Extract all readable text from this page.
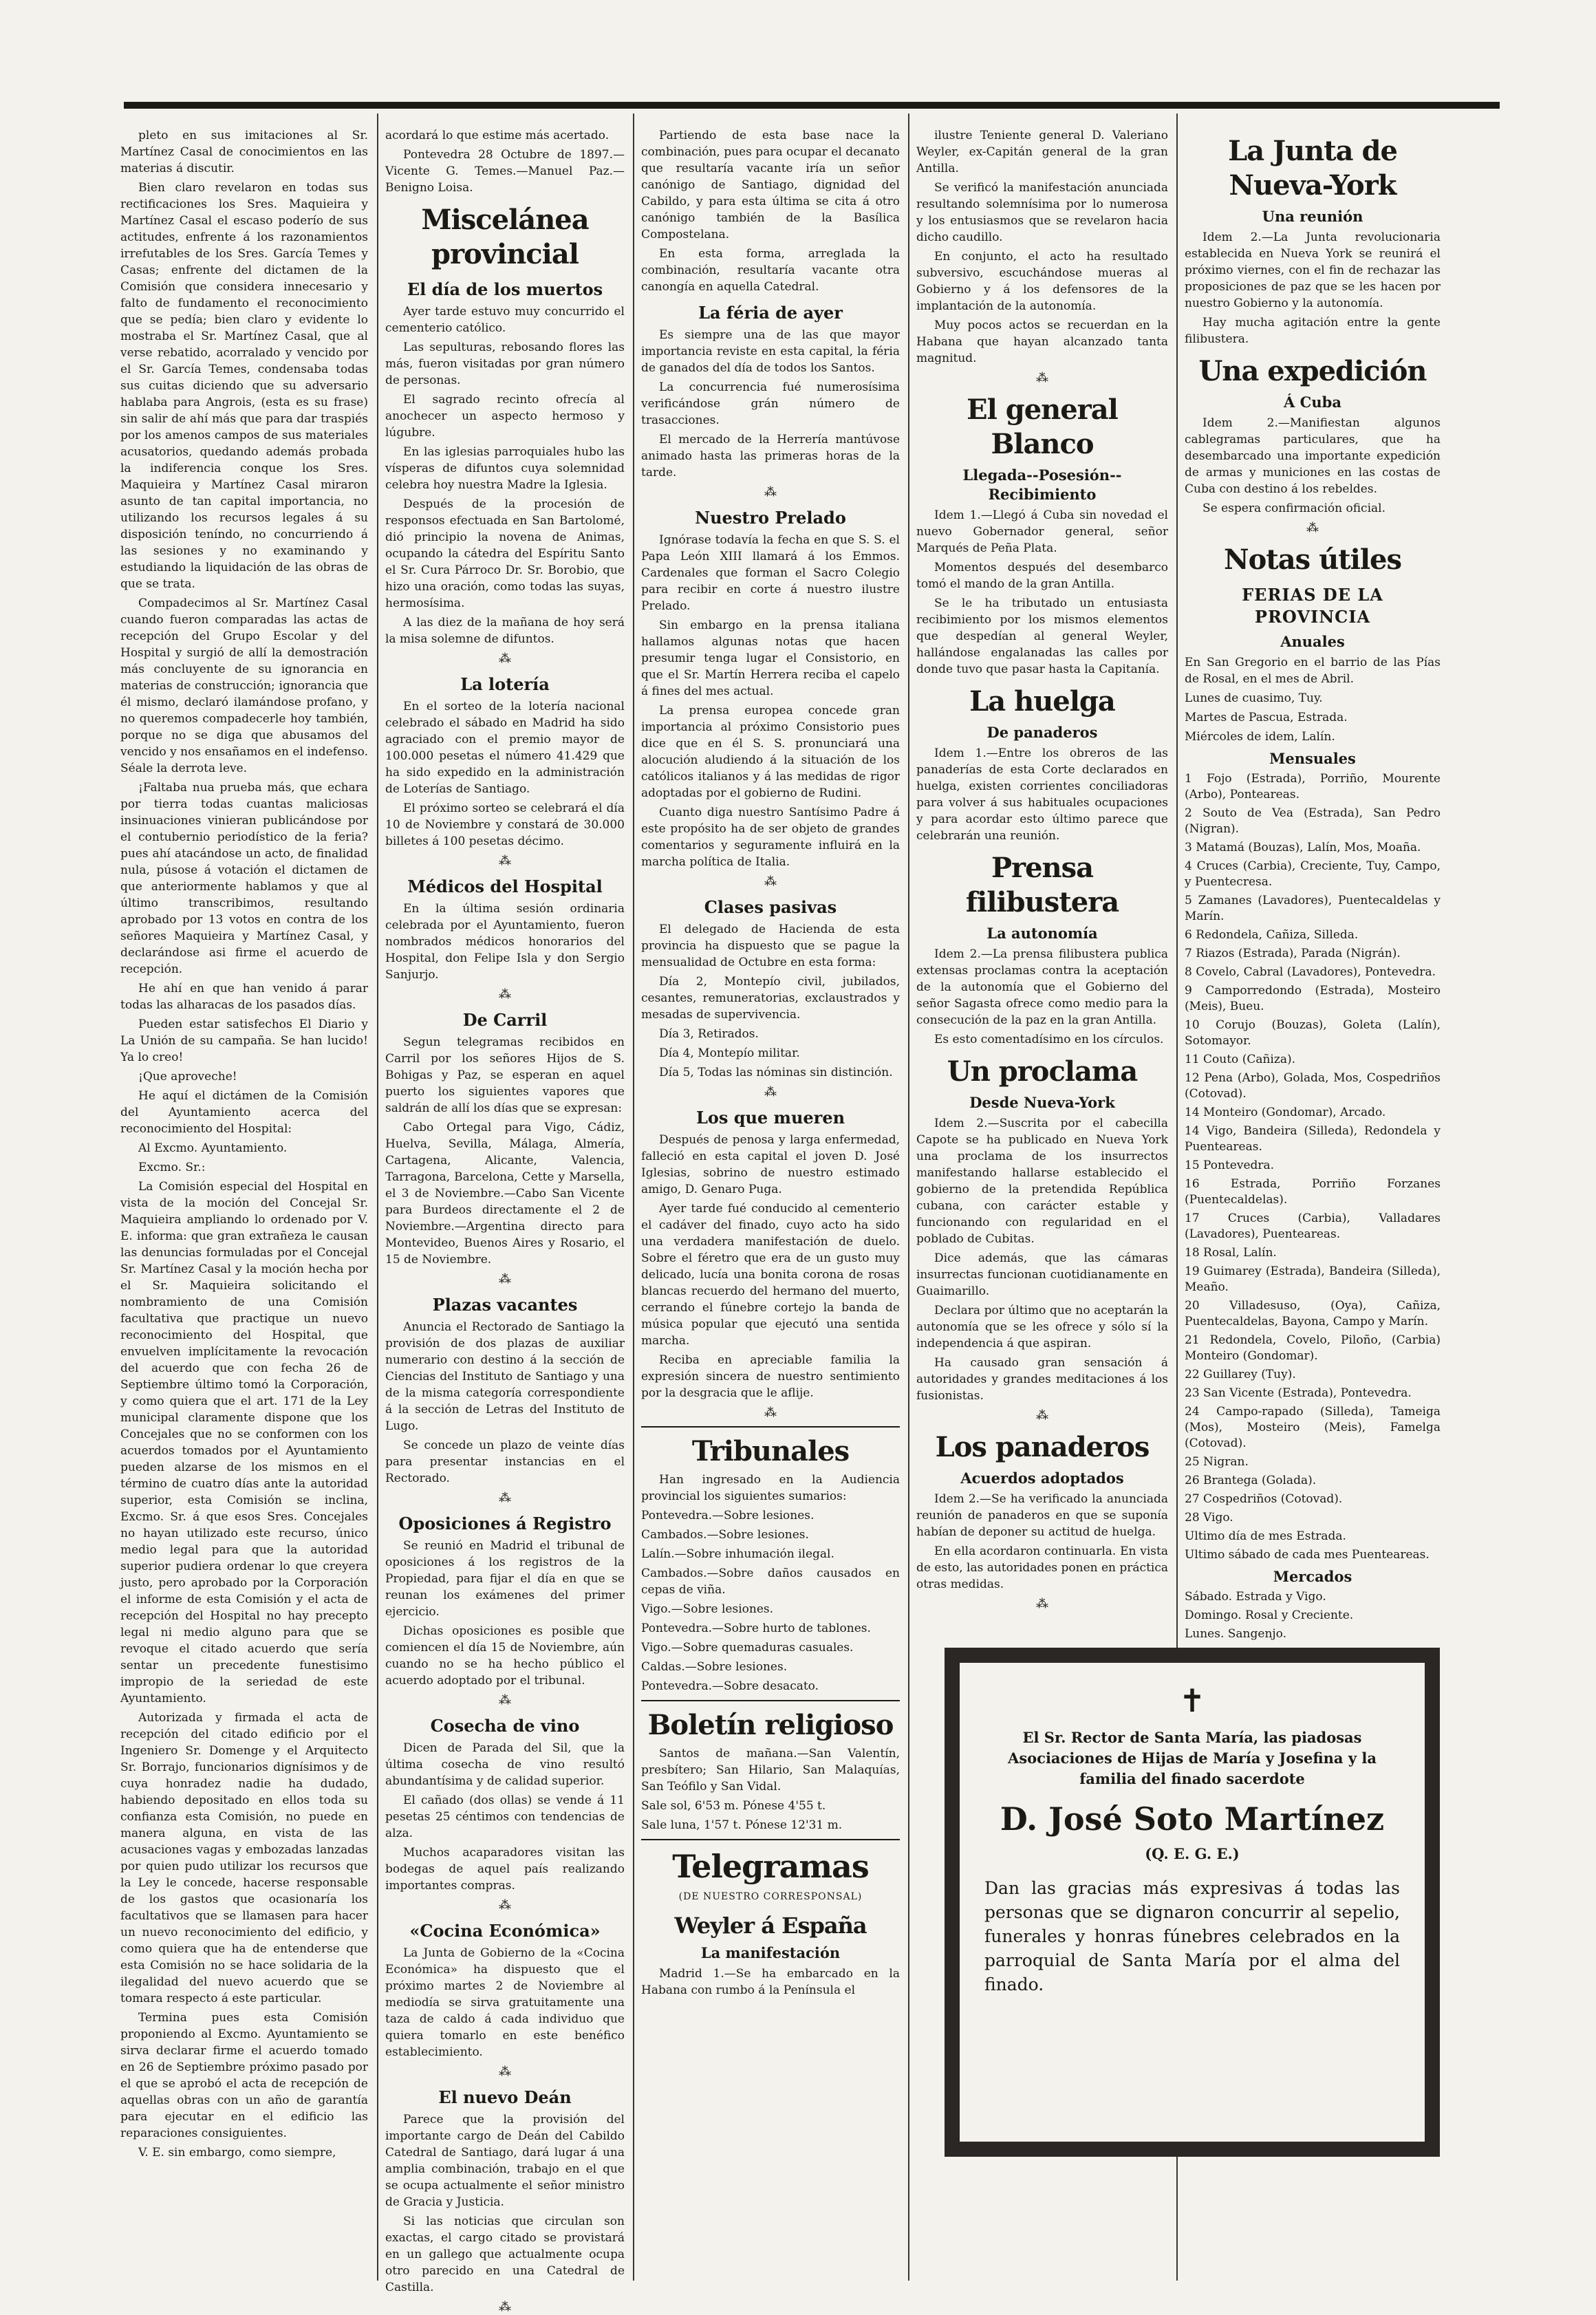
pleto en sus imitaciones al Sr. Martínez Casal de conocimientos en las materias á discutir.

Bien claro revelaron en todas sus rectificaciones los Sres. Maquieira y Martínez Casal el escaso poderío de sus actitudes, enfrente á los razonamientos irrefutables de los Sres. García Temes y Casas; enfrente del dictamen de la Comisión que considera innecesario y falto de fundamento el reconocimiento que se pedía; bien claro y evidente lo mostraba el Sr. Martínez Casal, que al verse rebatido, acorralado y vencido por el Sr. García Temes, condensaba todas sus cuitas diciendo que su adversario hablaba para Angrois, (esta es su frase) sin salir de ahí más que para dar traspiés por los amenos campos de sus materiales acusatorios, quedando además probada la indiferencia conque los Sres. Maquieira y Martínez Casal miraron asunto de tan capital importancia, no utilizando los recursos legales á su disposición teníndo, no concurriendo á las sesiones y no examinando y estudiando la liquidación de las obras de que se trata.

Compadecimos al Sr. Martínez Casal cuando fueron comparadas las actas de recepción del Grupo Escolar y del Hospital y surgió de allí la demostración más concluyente de su ignorancia en materias de construcción; ignorancia que él mismo, declaró ilamándose profano, y no queremos compadecerle hoy también, porque no se diga que abusamos del vencido y nos ensañamos en el indefenso. Séale la derrota leve.

¡Faltaba nua prueba más, que echara por tierra todas cuantas maliciosas insinuaciones vinieran publicándose por el contubernio periodístico de la feria? pues ahí atacándose un acto, de finalidad nula, púsose á votación el dictamen de que anteriormente hablamos y que al último transcribimos, resultando aprobado por 13 votos en contra de los señores Maquieira y Martínez Casal, y declarándose asi firme el acuerdo de recepción.

He ahí en que han venido á parar todas las alharacas de los pasados días.

Pueden estar satisfechos El Diario y La Unión de su campaña. Se han lucido! Ya lo creo!

¡Que aproveche!

He aquí el dictámen de la Comisión del Ayuntamiento acerca del reconocimiento del Hospital:

Al Excmo. Ayuntamiento.

Excmo. Sr.:

La Comisión especial del Hospital en vista de la moción del Concejal Sr. Maquieira ampliando lo ordenado por V. E. informa: que gran extrañeza le causan las denuncias formuladas por el Concejal Sr. Martínez Casal y la moción hecha por el Sr. Maquieira solicitando el nombramiento de una Comisión facultativa que practique un nuevo reconocimiento del Hospital, que envuelven implícitamente la revocación del acuerdo que con fecha 26 de Septiembre último tomó la Corporación, y como quiera que el art. 171 de la Ley municipal claramente dispone que los Concejales que no se conformen con los acuerdos tomados por el Ayuntamiento pueden alzarse de los mismos en el término de cuatro días ante la autoridad superior, esta Comisión se inclina, Excmo. Sr. á que esos Sres. Concejales no hayan utilizado este recurso, único medio legal para que la autoridad superior pudiera ordenar lo que creyera justo, pero aprobado por la Corporación el informe de esta Comisión y el acta de recepción del Hospital no hay precepto legal ni medio alguno para que se revoque el citado acuerdo que sería sentar un precedente funestisimo impropio de la seriedad de este Ayuntamiento.

Autorizada y firmada el acta de recepción del citado edificio por el Ingeniero Sr. Domenge y el Arquitecto Sr. Borrajo, funcionarios dignísimos y de cuya honradez nadie ha dudado, habiendo depositado en ellos toda su confianza esta Comisión, no puede en manera alguna, en vista de las acusaciones vagas y embozadas lanzadas por quien pudo utilizar los recursos que la Ley le concede, hacerse responsable de los gastos que ocasionaría los facultativos que se llamasen para hacer un nuevo reconocimiento del edificio, y como quiera que ha de entenderse que esta Comisión no se hace solidaria de la ilegalidad del nuevo acuerdo que se tomara respecto á este particular.

Termina pues esta Comisión proponiendo al Excmo. Ayuntamiento se sirva declarar firme el acuerdo tomado en 26 de Septiembre próximo pasado por el que se aprobó el acta de recepción de aquellas obras con un año de garantía para ejecutar en el edificio las reparaciones consiguientes.

V. E. sin embargo, como siempre,

acordará lo que estime más acertado.

Pontevedra 28 Octubre de 1897.—Vicente G. Temes.—Manuel Paz.—Benigno Loisa.

Miscelánea provincial
El día de los muertos

Ayer tarde estuvo muy concurrido el cementerio católico.

Las sepulturas, rebosando flores las más, fueron visitadas por gran número de personas.

El sagrado recinto ofrecía al anochecer un aspecto hermoso y lúgubre.

En las iglesias parroquiales hubo las vísperas de difuntos cuya solemnidad celebra hoy nuestra Madre la Iglesia.

Después de la procesión de responsos efectuada en San Bartolomé, dió principio la novena de Animas, ocupando la cátedra del Espíritu Santo el Sr. Cura Párroco Dr. Sr. Borobio, que hizo una oración, como todas las suyas, hermosísima.

A las diez de la mañana de hoy será la misa solemne de difuntos.

⁂
La lotería

En el sorteo de la lotería nacional celebrado el sábado en Madrid ha sido agraciado con el premio mayor de 100.000 pesetas el número 41.429 que ha sido expedido en la administración de Loterías de Santiago.

El próximo sorteo se celebrará el día 10 de Noviembre y constará de 30.000 billetes á 100 pesetas décimo.

⁂
Médicos del Hospital

En la última sesión ordinaria celebrada por el Ayuntamiento, fueron nombrados médicos honorarios del Hospital, don Felipe Isla y don Sergio Sanjurjo.

⁂
De Carril

Segun telegramas recibidos en Carril por los señores Hijos de S. Bohigas y Paz, se esperan en aquel puerto los siguientes vapores que saldrán de allí los días que se expresan:

Cabo Ortegal para Vigo, Cádiz, Huelva, Sevilla, Málaga, Almería, Cartagena, Alicante, Valencia, Tarragona, Barcelona, Cette y Marsella, el 3 de Noviembre.—Cabo San Vicente para Burdeos directamente el 2 de Noviembre.—Argentina directo para Montevideo, Buenos Aires y Rosario, el 15 de Noviembre.

⁂
Plazas vacantes

Anuncia el Rectorado de Santiago la provisión de dos plazas de auxiliar numerario con destino á la sección de Ciencias del Instituto de Santiago y una de la misma categoría correspondiente á la sección de Letras del Instituto de Lugo.

Se concede un plazo de veinte días para presentar instancias en el Rectorado.

⁂
Oposiciones á Registro

Se reunió en Madrid el tribunal de oposiciones á los registros de la Propiedad, para fijar el día en que se reunan los exámenes del primer ejercicio.

Dichas oposiciones es posible que comiencen el día 15 de Noviembre, aún cuando no se ha hecho público el acuerdo adoptado por el tribunal.

⁂
Cosecha de vino

Dicen de Parada del Sil, que la última cosecha de vino resultó abundantísima y de calidad superior.

El cañado (dos ollas) se vende á 11 pesetas 25 céntimos con tendencias de alza.

Muchos acaparadores visitan las bodegas de aquel país realizando importantes compras.

⁂
«Cocina Económica»

La Junta de Gobierno de la «Cocina Económica» ha dispuesto que el próximo martes 2 de Noviembre al mediodía se sirva gratuitamente una taza de caldo á cada individuo que quiera tomarlo en este benéfico establecimiento.

⁂
El nuevo Deán

Parece que la provisión del importante cargo de Deán del Cabildo Catedral de Santiago, dará lugar á una amplia combinación, trabajo en el que se ocupa actualmente el señor ministro de Gracia y Justicia.

Si las noticias que circulan son exactas, el cargo citado se provistará en un gallego que actualmente ocupa otro parecido en una Catedral de Castilla.

⁂

Partiendo de esta base nace la combinación, pues para ocupar el decanato que resultaría vacante iría un señor canónigo de Santiago, dignidad del Cabildo, y para esta última se cita á otro canónigo también de la Basílica Compostelana.

En esta forma, arreglada la combinación, resultaría vacante otra canongía en aquella Catedral.

La féria de ayer

Es siempre una de las que mayor importancia reviste en esta capital, la féria de ganados del día de todos los Santos.

La concurrencia fué numerosísima verificándose grán número de trasacciones.

El mercado de la Herrería mantúvose animado hasta las primeras horas de la tarde.

⁂
Nuestro Prelado

Ignórase todavía la fecha en que S. S. el Papa León XIII llamará á los Emmos. Cardenales que forman el Sacro Colegio para recibir en corte á nuestro ilustre Prelado.

Sin embargo en la prensa italiana hallamos algunas notas que hacen presumir tenga lugar el Consistorio, en que el Sr. Martín Herrera reciba el capelo á fines del mes actual.

La prensa europea concede gran importancia al próximo Consistorio pues dice que en él S. S. pronunciará una alocución aludiendo á la situación de los católicos italianos y á las medidas de rigor adoptadas por el gobierno de Rudini.

Cuanto diga nuestro Santísimo Padre á este propósito ha de ser objeto de grandes comentarios y seguramente influirá en la marcha política de Italia.

⁂
Clases pasivas

El delegado de Hacienda de esta provincia ha dispuesto que se pague la mensualidad de Octubre en esta forma:

Día 2, Montepío civil, jubilados, cesantes, remuneratorias, exclaustrados y mesadas de supervivencia.

Día 3, Retirados.

Día 4, Montepío militar.

Día 5, Todas las nóminas sin distinción.

⁂
Los que mueren

Después de penosa y larga enfermedad, falleció en esta capital el joven D. José Iglesias, sobrino de nuestro estimado amigo, D. Genaro Puga.

Ayer tarde fué conducido al cementerio el cadáver del finado, cuyo acto ha sido una verdadera manifestación de duelo. Sobre el féretro que era de un gusto muy delicado, lucía una bonita corona de rosas blancas recuerdo del hermano del muerto, cerrando el fúnebre cortejo la banda de música popular que ejecutó una sentida marcha.

Reciba en apreciable familia la expresión sincera de nuestro sentimiento por la desgracia que le aflije.

⁂
Tribunales

Han ingresado en la Audiencia provincial los siguientes sumarios:

Pontevedra.—Sobre lesiones.

Cambados.—Sobre lesiones.

Lalín.—Sobre inhumación ilegal.

Cambados.—Sobre daños causados en cepas de viña.

Vigo.—Sobre lesiones.

Pontevedra.—Sobre hurto de tablones.

Vigo.—Sobre quemaduras casuales.

Caldas.—Sobre lesiones.

Pontevedra.—Sobre desacato.

Boletín religioso

Santos de mañana.—San Valentín, presbítero; San Hilario, San Malaquías, San Teófilo y San Vidal.

Sale sol, 6'53 m. Pónese 4'55 t.

Sale luna, 1'57 t. Pónese 12'31 m.

Telegramas
(DE NUESTRO CORRESPONSAL)
Weyler á España
La manifestación

Madrid 1.—Se ha embarcado en la Habana con rumbo á la Península el

ilustre Teniente general D. Valeriano Weyler, ex-Capitán general de la gran Antilla.

Se verificó la manifestación anunciada resultando solemnísima por lo numerosa y los entusiasmos que se revelaron hacia dicho caudillo.

En conjunto, el acto ha resultado subversivo, escuchándose mueras al Gobierno y á los defensores de la implantación de la autonomía.

Muy pocos actos se recuerdan en la Habana que hayan alcanzado tanta magnitud.

⁂
El general Blanco
Llegada--Posesión--Recibimiento

Idem 1.—Llegó á Cuba sin novedad el nuevo Gobernador general, señor Marqués de Peña Plata.

Momentos después del desembarco tomó el mando de la gran Antilla.

Se le ha tributado un entusiasta recibimiento por los mismos elementos que despedían al general Weyler, hallándose engalanadas las calles por donde tuvo que pasar hasta la Capitanía.

La huelga
De panaderos

Idem 1.—Entre los obreros de las panaderías de esta Corte declarados en huelga, existen corrientes conciliadoras para volver á sus habituales ocupaciones y para acordar esto último parece que celebrarán una reunión.

Prensa filibustera
La autonomía

Idem 2.—La prensa filibustera publica extensas proclamas contra la aceptación de la autonomía que el Gobierno del señor Sagasta ofrece como medio para la consecución de la paz en la gran Antilla.

Es esto comentadísimo en los círculos.

Un proclama
Desde Nueva-York

Idem 2.—Suscrita por el cabecilla Capote se ha publicado en Nueva York una proclama de los insurrectos manifestando hallarse establecido el gobierno de la pretendida República cubana, con carácter estable y funcionando con regularidad en el poblado de Cubitas.

Dice además, que las cámaras insurrectas funcionan cuotidianamente en Guaimarillo.

Declara por último que no aceptarán la autonomía que se les ofrece y sólo sí la independencia á que aspiran.

Ha causado gran sensación á autoridades y grandes meditaciones á los fusionistas.

⁂
Los panaderos
Acuerdos adoptados

Idem 2.—Se ha verificado la anunciada reunión de panaderos en que se suponía habían de deponer su actitud de huelga.

En ella acordaron continuarla. En vista de esto, las autoridades ponen en práctica otras medidas.

⁂
La Junta de Nueva-York
Una reunión

Idem 2.—La Junta revolucionaria establecida en Nueva York se reunirá el próximo viernes, con el fin de rechazar las proposiciones de paz que se les hacen por nuestro Gobierno y la autonomía.

Hay mucha agitación entre la gente filibustera.

Una expedición
Á Cuba

Idem 2.—Manifiestan algunos cablegramas particulares, que ha desembarcado una importante expedición de armas y municiones en las costas de Cuba con destino á los rebeldes.

Se espera confirmación oficial.

⁂
Notas útiles
FERIAS DE LA PROVINCIA
Anuales

En San Gregorio en el barrio de las Pías de Rosal, en el mes de Abril.

Lunes de cuasimo, Tuy.

Martes de Pascua, Estrada.

Miércoles de idem, Lalín.

Mensuales

1 Fojo (Estrada), Porriño, Mourente (Arbo), Ponteareas.

2 Souto de Vea (Estrada), San Pedro (Nigran).

3 Matamá (Bouzas), Lalín, Mos, Moaña.

4 Cruces (Carbia), Creciente, Tuy, Campo, y Puentecresa.

5 Zamanes (Lavadores), Puentecaldelas y Marín.

6 Redondela, Cañiza, Silleda.

7 Riazos (Estrada), Parada (Nigrán).

8 Covelo, Cabral (Lavadores), Pontevedra.

9 Camporredondo (Estrada), Mosteiro (Meis), Bueu.

10 Corujo (Bouzas), Goleta (Lalín), Sotomayor.

11 Couto (Cañiza).

12 Pena (Arbo), Golada, Mos, Cospedriños (Cotovad).

14 Monteiro (Gondomar), Arcado.

14 Vigo, Bandeira (Silleda), Redondela y Puenteareas.

15 Pontevedra.

16 Estrada, Porriño Forzanes (Puentecaldelas).

17 Cruces (Carbia), Valladares (Lavadores), Puenteareas.

18 Rosal, Lalín.

19 Guimarey (Estrada), Bandeira (Silleda), Meaño.

20 Villadesuso, (Oya), Cañiza, Puentecaldelas, Bayona, Campo y Marín.

21 Redondela, Covelo, Piloño, (Carbia) Monteiro (Gondomar).

22 Guillarey (Tuy).

23 San Vicente (Estrada), Pontevedra.

24 Campo-rapado (Silleda), Tameiga (Mos), Mosteiro (Meis), Famelga (Cotovad).

25 Nigran.

26 Brantega (Golada).

27 Cospedriños (Cotovad).

28 Vigo.

Ultimo día de mes Estrada.

Ultimo sábado de cada mes Puenteareas.

Mercados

Sábado. Estrada y Vigo.

Domingo. Rosal y Creciente.

Lunes. Sangenjo.

✝

El Sr. Rector de Santa María, las piadosas Asociaciones de Hijas de María y Josefina y la familia del finado sacerdote

D. José Soto Martínez
(Q. E. G. E.)

Dan las gracias más expresivas á todas las personas que se dignaron concurrir al sepelio, funerales y honras fúnebres celebrados en la parroquial de Santa María por el alma del finado.
